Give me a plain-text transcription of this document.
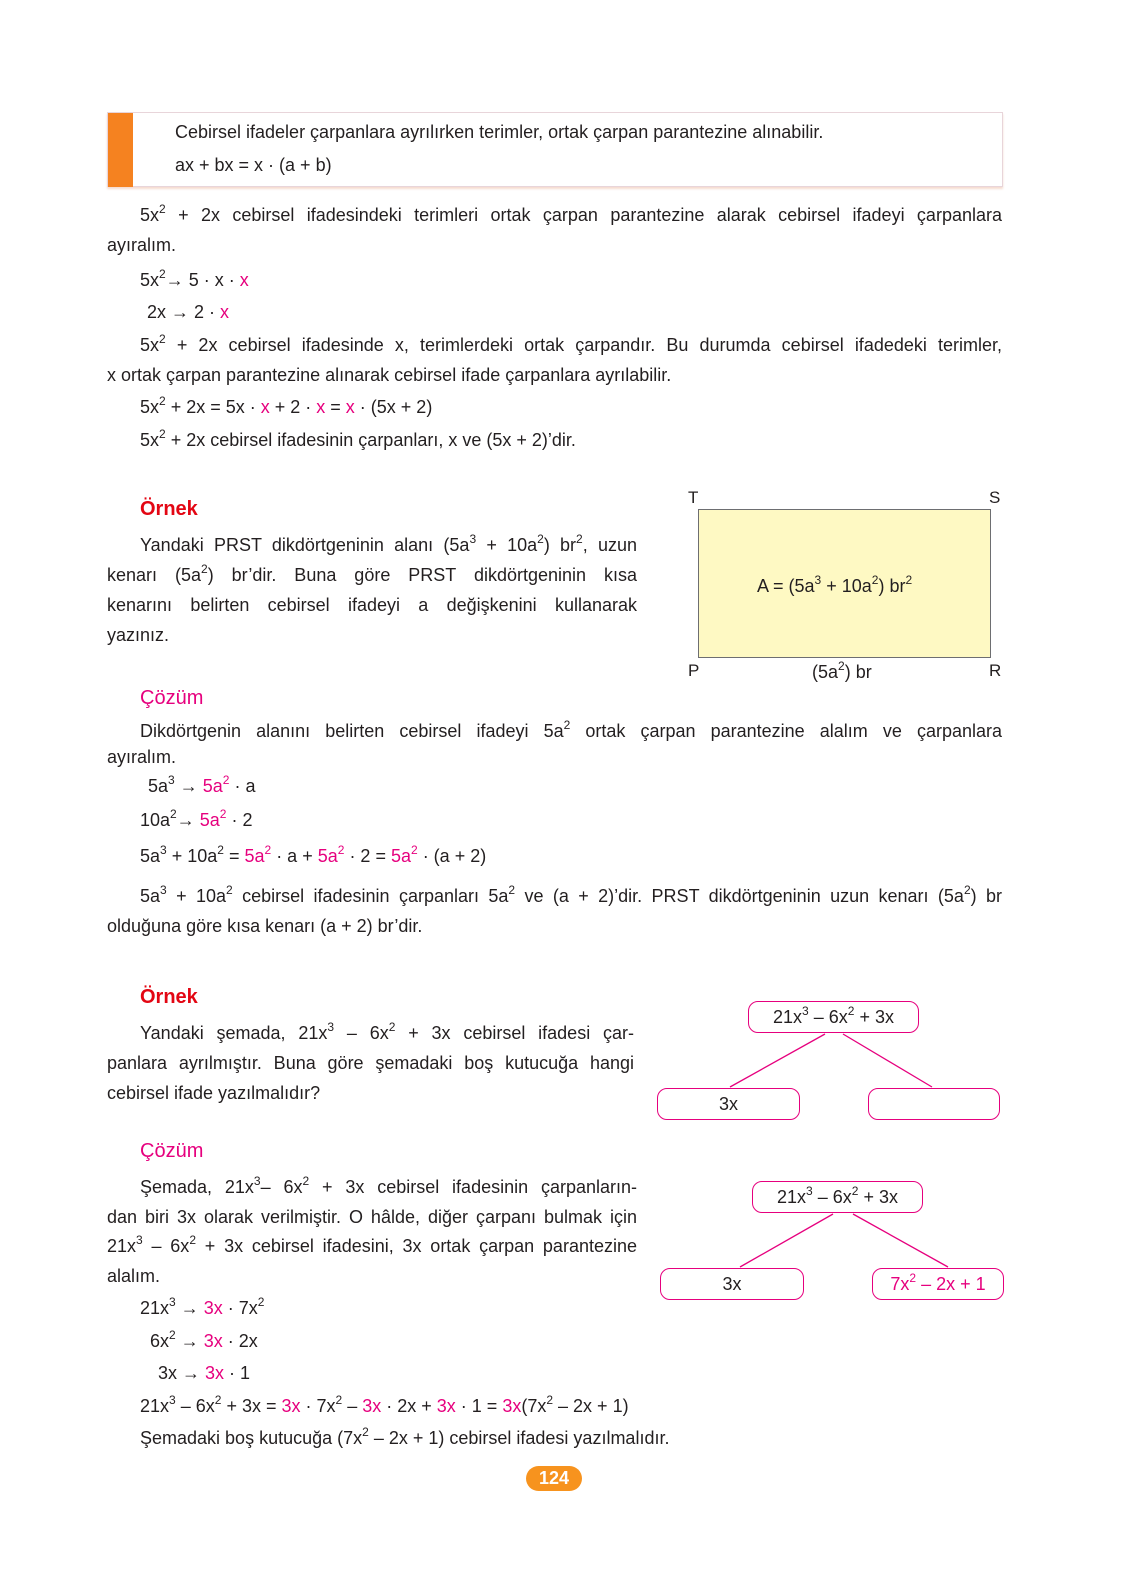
Cebirsel ifadeler çarpanlara ayrılırken terimler, ortak çarpan parantezine alınabilir.
ax + bx = x · (a + b)
$5x^2 + 2x$ cebirsel ifadesindeki terimleri ortak çarpan parantezine alarak cebirsel ifadeyi çarpanlara
ayıralım.
$5x^2\to 5 \cdot x \cdot x$
2x → 2 · x
$5x^2 + 2x$ cebirsel ifadesinde x, terimlerdeki ortak çarpandır. Bu durumda cebirsel ifadedeki terimler,
x ortak çarpan parantezine alınarak cebirsel ifade çarpanlara ayrılabilir.
$5x^2 + 2x = 5x \cdot x + 2 \cdot x = x \cdot (5x + 2)$
$5x^2 + 2x$ cebirsel ifadesinin çarpanları, x ve (5x + 2)’dir.
Örnek
Yandaki PRST dikdörtgeninin alanı $(5a^3 + 10a^2)$ $br^2$, uzun
kenarı $(5a^2)$ br’dir. Buna göre PRST dikdörtgeninin kısa
kenarını belirten cebirsel ifadeyi a değişkenini kullanarak
yazınız.
T	S
$A = (5a^3 + 10a^2)$ $br^2$
P	R
$(5a^2)$ br
Çözüm
Dikdörtgenin alanını belirten cebirsel ifadeyi $5a^2$ ortak çarpan parantezine alalım ve çarpanlara
ayıralım.
$5a^3 \to 5a^2 \cdot a$
$10a^2\to 5a^2 \cdot 2$
$5a^3 + 10a^2 = 5a^2 \cdot a + 5a^2 \cdot 2 = 5a^2 \cdot (a + 2)$
$5a^3 + 10a^2$ cebirsel ifadesinin çarpanları $5a^2$ ve (a + 2)’dir. PRST dikdörtgeninin uzun kenarı $(5a^2)$ br
olduğuna göre kısa kenarı (a + 2) br’dir.
Örnek
Yandaki şemada, $21x^3 - 6x^2 + 3x$ cebirsel ifadesi çar-
panlara ayrılmıştır. Buna göre şemadaki boş kutucuğa hangi
cebirsel ifade yazılmalıdır?
$21x^3 - 6x^2 + 3x$
3x
$21x^3 - 6x^2 + 3x$
3x	$7x^2 - 2x + 1$
Çözüm
Şemada, $21x^3-$ $6x^2 + 3x$ cebirsel ifadesinin çarpanların-
dan biri 3x olarak verilmiştir. O hâlde, diğer çarpanı bulmak için
$21x^3 - 6x^2 + 3x$ cebirsel ifadesini, 3x ortak çarpan parantezine
alalım.
$21x^3 \to 3x \cdot 7x^2$
$6x^2 \to 3x \cdot 2x$
3x → 3x · 1
$21x^3 - 6x^2 + 3x = 3x \cdot 7x^2 - 3x \cdot 2x + 3x \cdot 1 = 3x(7x^2 - 2x + 1)$
Şemadaki boş kutucuğa $(7x^2 - 2x + 1)$ cebirsel ifadesi yazılmalıdır.
124
